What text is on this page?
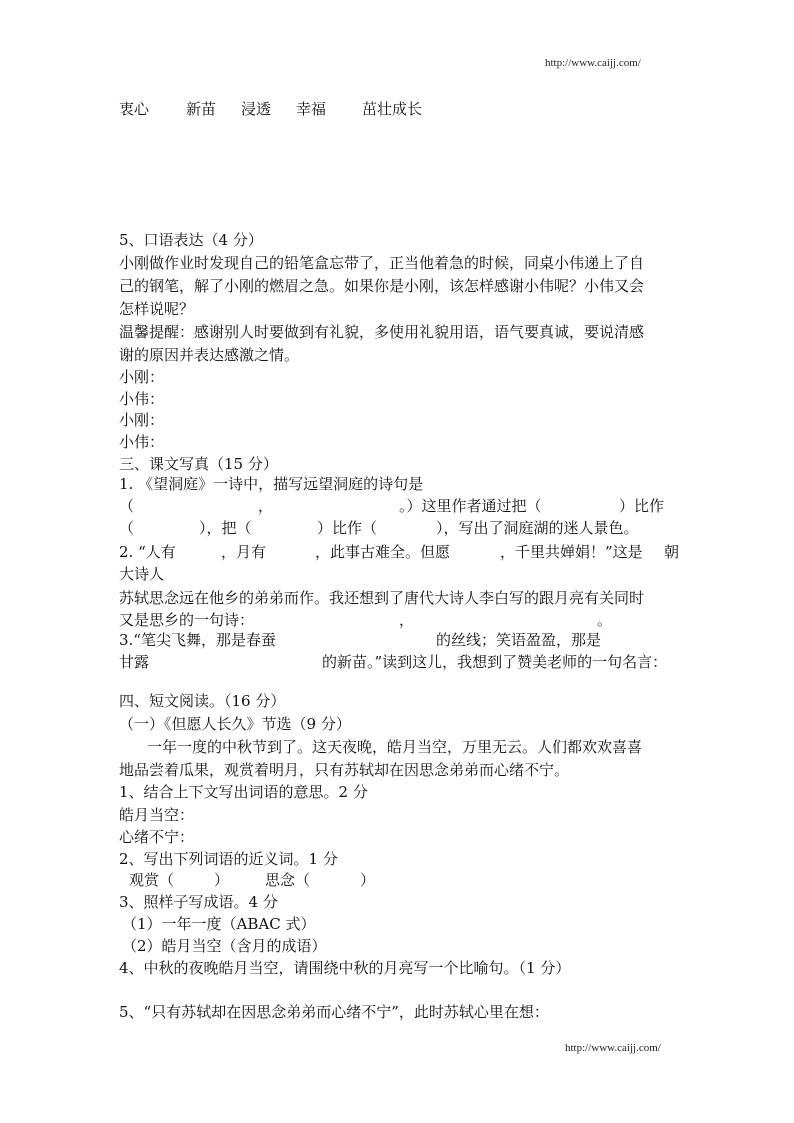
http://www.caijj.com/
衷心 新苗 浸透 幸福 茁壮成长
5、口语表达（4 分）
小刚做作业时发现自己的铅笔盒忘带了，正当他着急的时候，同桌小伟递上了自
己的钢笔，解了小刚的燃眉之急。如果你是小刚，该怎样感谢小伟呢？小伟又会
怎样说呢？
温馨提醒：感谢别人时要做到有礼貌，多使用礼貌用语，语气要真诚，要说清感
谢的原因并表达感激之情。
小刚：
小伟：
小刚：
小伟：
三、课文写真（15 分）
1. 《望洞庭》一诗中，描写远望洞庭的诗句是
（	，	。）这里作者通过把（	）比作
（	），把（	）比作（	），写出了洞庭湖的迷人景色。
2. “人有	，月有	，此事古难全。但愿	，千里共婵娟！”这是 朝
大诗人
苏轼思念远在他乡的弟弟而作。我还想到了唐代大诗人李白写的跟月亮有关同时
又是思乡的一句诗：	，	。
3.“笔尖飞舞，那是春蚕	的丝线；笑语盈盈，那是
甘露	的新苗。”读到这儿，我想到了赞美老师的一句名言：
四、短文阅读。（16 分）
（一）《但愿人长久》节选（9 分）
一年一度的中秋节到了。这天夜晚，皓月当空，万里无云。人们都欢欢喜喜
地品尝着瓜果，观赏着明月，只有苏轼却在因思念弟弟而心绪不宁。
1、结合上下文写出词语的意思。2 分
皓月当空：
心绪不宁：
2、写出下列词语的近义词。1 分
观赏（	） 思念（	）
3、照样子写成语。4 分
（1）一年一度（ABAC 式）
（2）皓月当空（含月的成语）
4、中秋的夜晚皓月当空，请围绕中秋的月亮写一个比喻句。（1 分）
5、“只有苏轼却在因思念弟弟而心绪不宁”，此时苏轼心里在想：
http://www.caijj.com/
